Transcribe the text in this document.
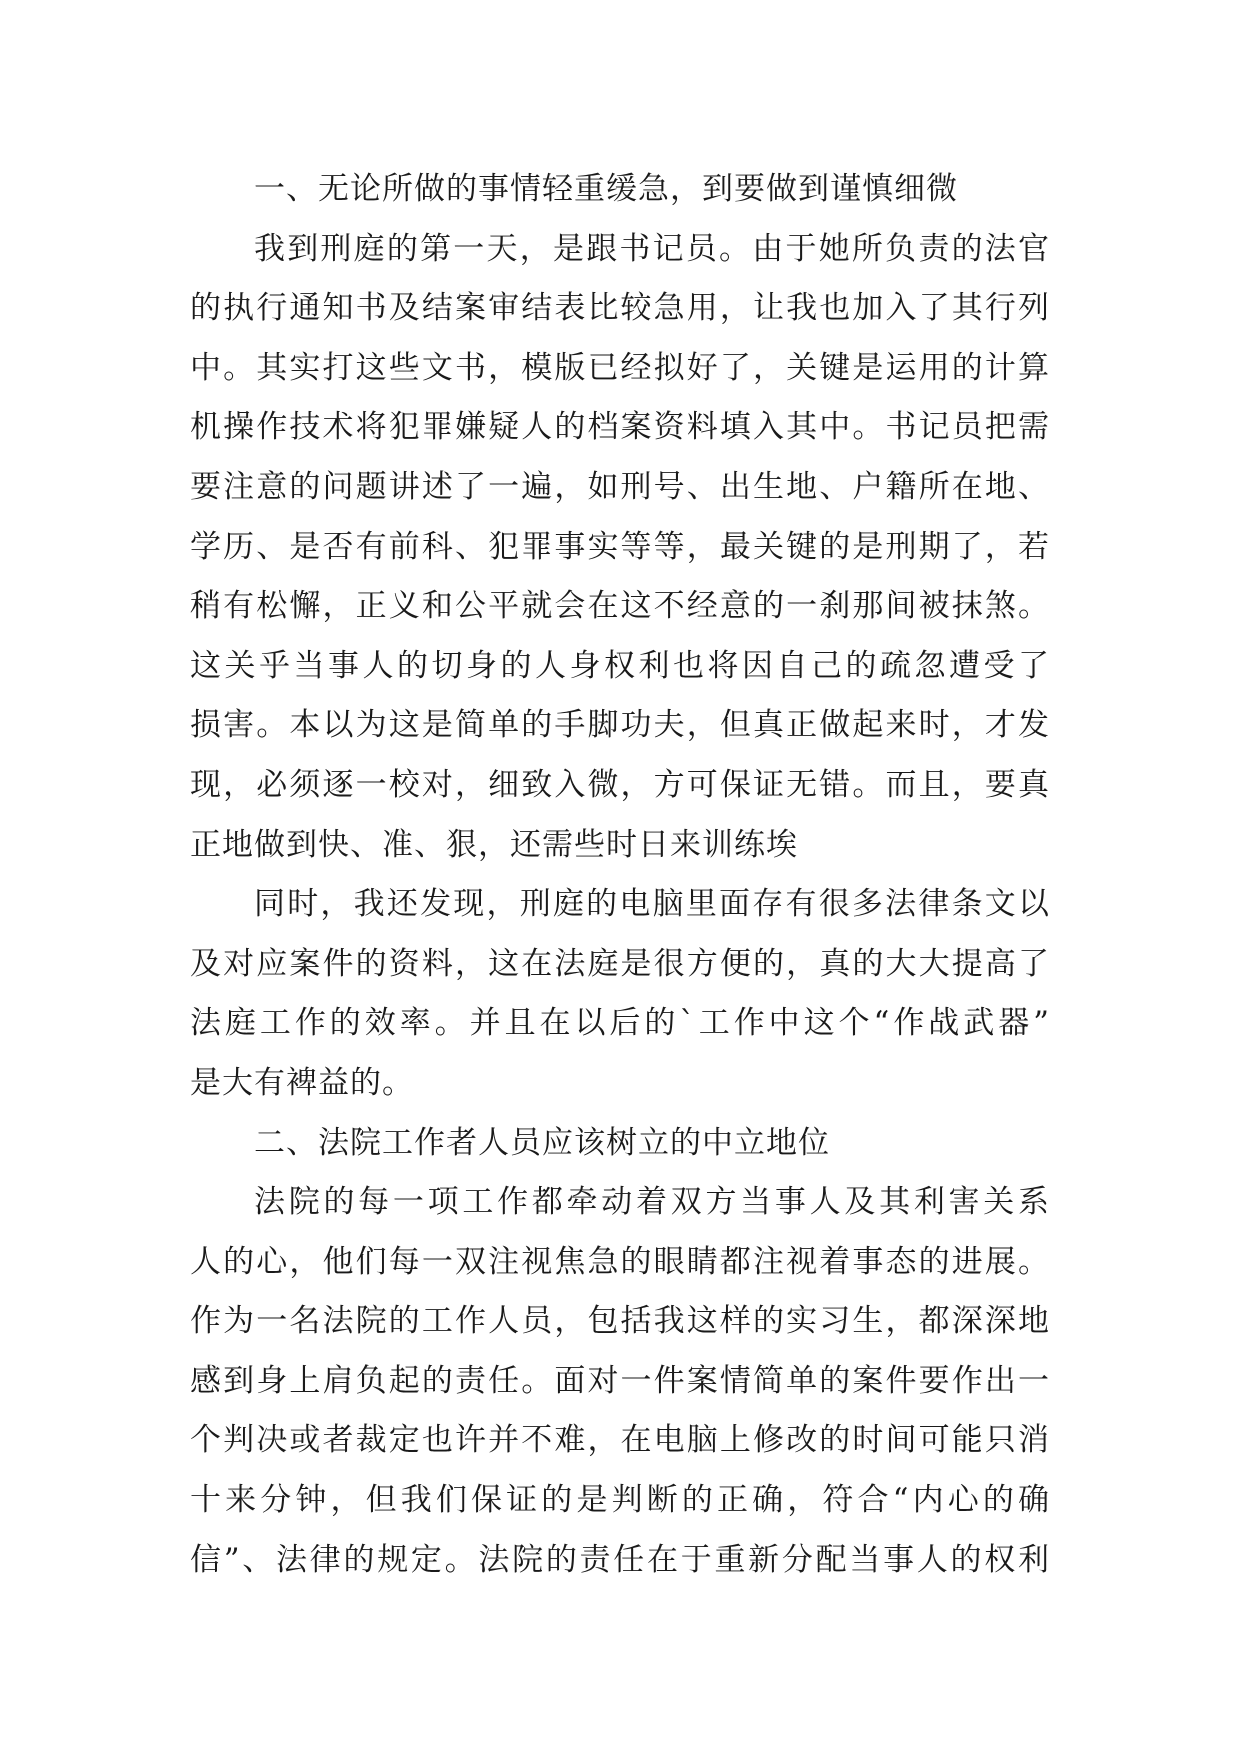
一、无论所做的事情轻重缓急，到要做到谨慎细微
我到刑庭的第一天，是跟书记员。由于她所负责的法官
的执行通知书及结案审结表比较急用，让我也加入了其行列
中。其实打这些文书，模版已经拟好了，关键是运用的计算
机操作技术将犯罪嫌疑人的档案资料填入其中。书记员把需
要注意的问题讲述了一遍，如刑号、出生地、户籍所在地、
学历、是否有前科、犯罪事实等等，最关键的是刑期了，若
稍有松懈，正义和公平就会在这不经意的一刹那间被抹煞。
这关乎当事人的切身的人身权利也将因自己的疏忽遭受了
损害。本以为这是简单的手脚功夫，但真正做起来时，才发
现，必须逐一校对，细致入微，方可保证无错。而且，要真
正地做到快、准、狠，还需些时日来训练埃
同时，我还发现，刑庭的电脑里面存有很多法律条文以
及对应案件的资料，这在法庭是很方便的，真的大大提高了
法庭工作的效率。并且在以后的`工作中这个“作战武器”
是大有裨益的。
二、法院工作者人员应该树立的中立地位
法院的每一项工作都牵动着双方当事人及其利害关系
人的心，他们每一双注视焦急的眼睛都注视着事态的进展。
作为一名法院的工作人员，包括我这样的实习生，都深深地
感到身上肩负起的责任。面对一件案情简单的案件要作出一
个判决或者裁定也许并不难，在电脑上修改的时间可能只消
十来分钟，但我们保证的是判断的正确，符合“内心的确
信”、法律的规定。法院的责任在于重新分配当事人的权利
